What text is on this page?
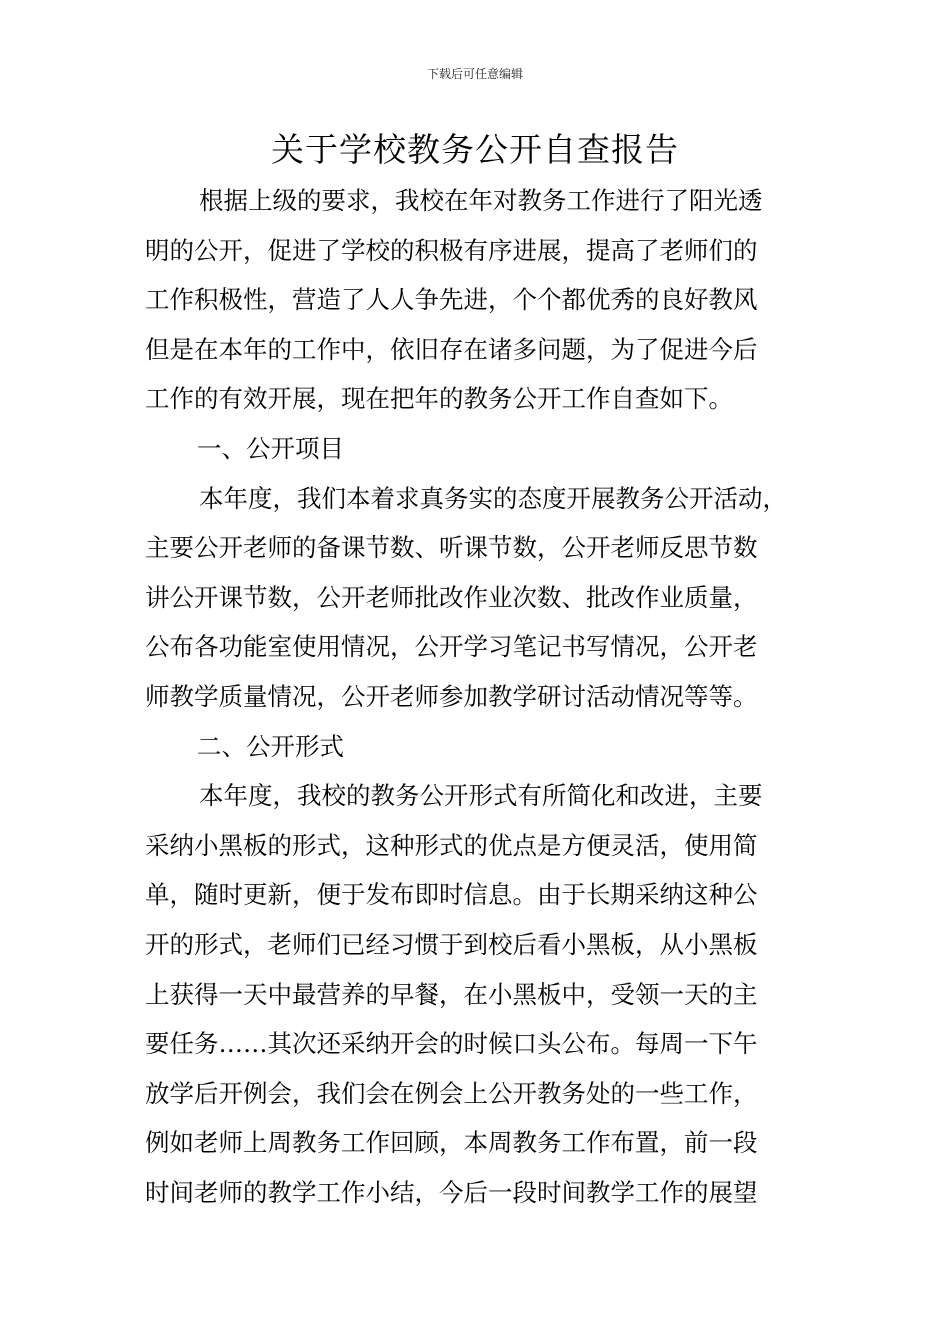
下载后可任意编辑
关于学校教务公开自查报告
根据上级的要求，我校在年对教务工作进行了阳光透
明的公开，促进了学校的积极有序进展，提高了老师们的
工作积极性，营造了人人争先进，个个都优秀的良好教风
但是在本年的工作中，依旧存在诸多问题，为了促进今后
工作的有效开展，现在把年的教务公开工作自查如下。
一、公开项目
本年度，我们本着求真务实的态度开展教务公开活动，
主要公开老师的备课节数、听课节数，公开老师反思节数
讲公开课节数，公开老师批改作业次数、批改作业质量，
公布各功能室使用情况，公开学习笔记书写情况，公开老
师教学质量情况，公开老师参加教学研讨活动情况等等。
二、公开形式
本年度，我校的教务公开形式有所简化和改进，主要
采纳小黑板的形式，这种形式的优点是方便灵活，使用简
单，随时更新，便于发布即时信息。由于长期采纳这种公
开的形式，老师们已经习惯于到校后看小黑板，从小黑板
上获得一天中最营养的早餐，在小黑板中，受领一天的主
要任务……其次还采纳开会的时候口头公布。每周一下午
放学后开例会，我们会在例会上公开教务处的一些工作，
例如老师上周教务工作回顾，本周教务工作布置，前一段
时间老师的教学工作小结，今后一段时间教学工作的展望
